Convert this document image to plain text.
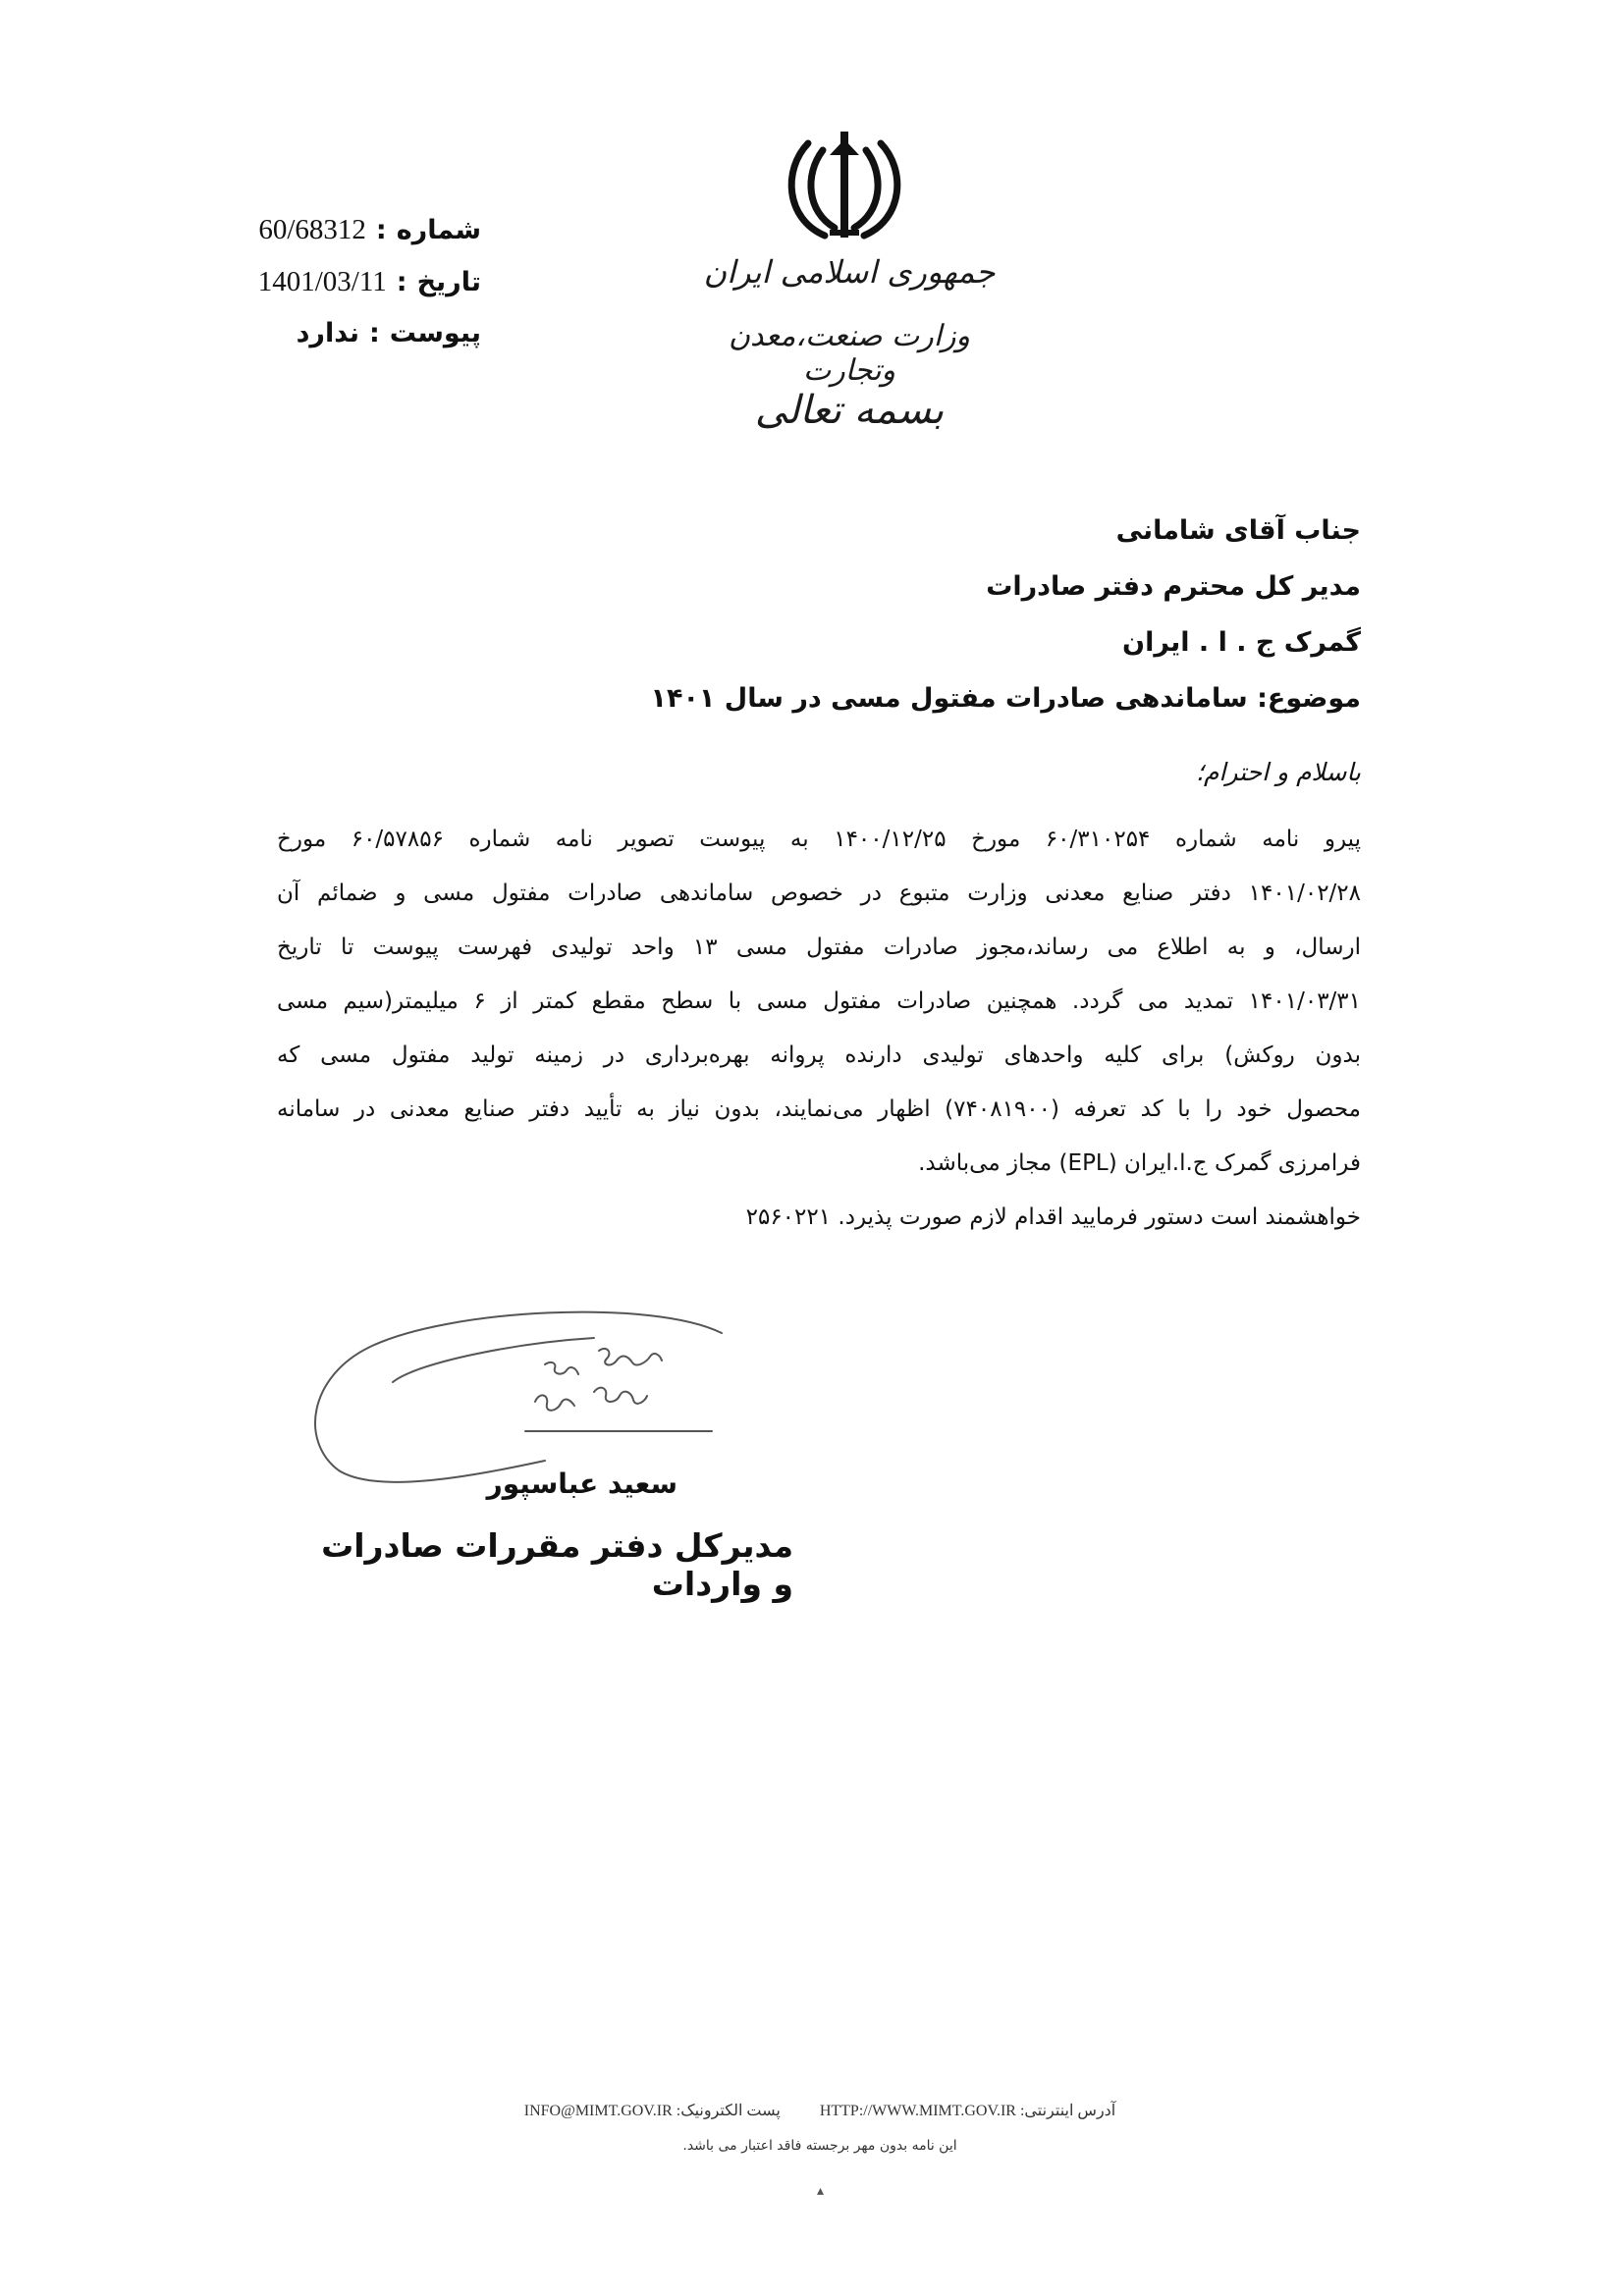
جمهوری اسلامی ایران
وزارت صنعت،معدن وتجارت
بسمه تعالی
شماره
:
60/68312
تاریخ
:
1401/03/11
پیوست
:
ندارد
جناب آقای شامانی
مدیر کل محترم دفتر صادرات
گمرک ج . ا . ایران
موضوع: ساماندهی صادرات مفتول مسی در سال ۱۴۰۱
باسلام و احترام؛
پیرو نامه شماره ۶۰/۳۱۰۲۵۴ مورخ ۱۴۰۰/۱۲/۲۵ به پیوست تصویر نامه شماره ۶۰/۵۷۸۵۶ مورخ
۱۴۰۱/۰۲/۲۸ دفتر صنایع معدنی وزارت متبوع در خصوص ساماندهی صادرات مفتول مسی و ضمائم آن
ارسال، و به اطلاع می رساند،مجوز صادرات مفتول مسی ۱۳ واحد تولیدی فهرست پیوست تا تاریخ
۱۴۰۱/۰۳/۳۱ تمدید می گردد. همچنین صادرات مفتول مسی با سطح مقطع کمتر از ۶ میلیمتر(سیم مسی
بدون روکش) برای کلیه واحدهای تولیدی دارنده پروانه بهره‌برداری در زمینه تولید مفتول مسی که
محصول خود را با کد تعرفه (۷۴۰۸۱۹۰۰) اظهار می‌نمایند، بدون نیاز به تأیید دفتر صنایع معدنی در سامانه
فرامرزی گمرک ج.ا.ایران (EPL) مجاز می‌باشد.
خواهشمند است دستور فرمایید اقدام لازم صورت پذیرد. ۲۵۶۰۲۲۱
سعید عباسپور
مدیرکل دفتر مقررات صادرات و واردات
آدرس اینترنتی: HTTP://WWW.MIMT.GOV.IR
پست الکترونیک: INFO@MIMT.GOV.IR
این نامه بدون مهر برجسته فاقد اعتبار می باشد.
▴
